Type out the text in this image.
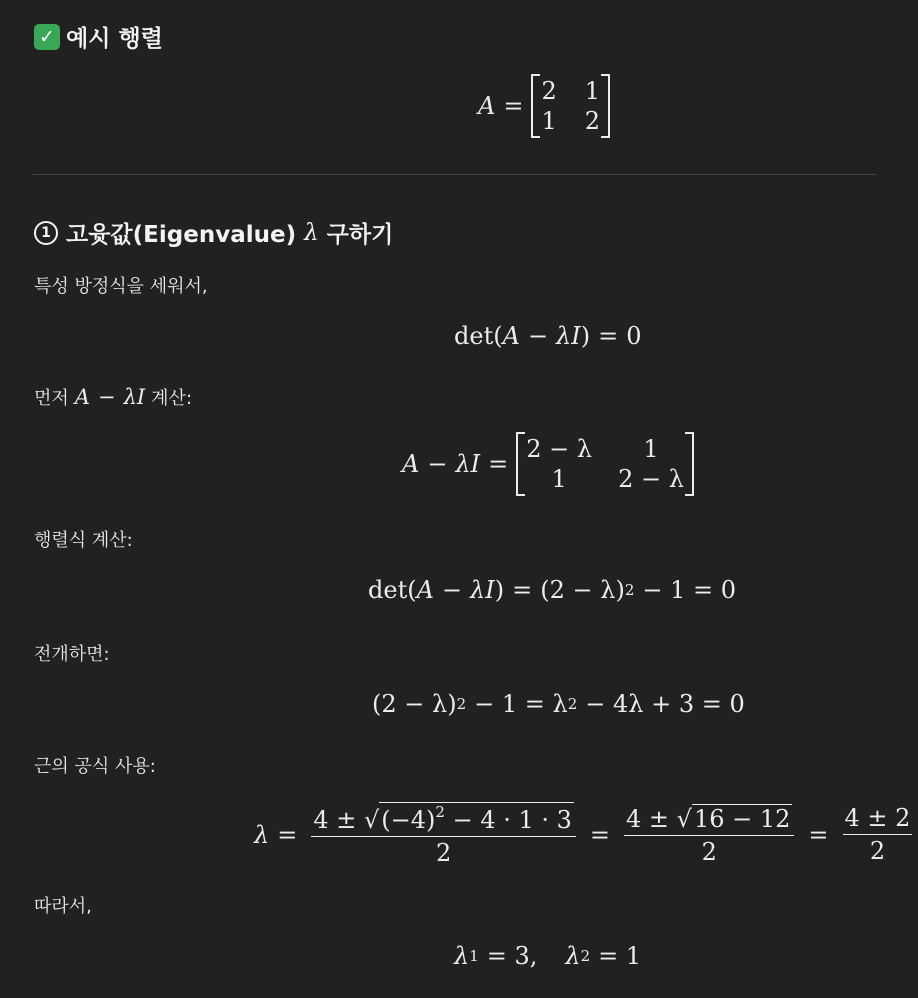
✓ 예시 행렬
A =
2 1
1 2
1 고윳값(Eigenvalue) λ 구하기
특성 방정식을 세워서,
det ( A − λ I ) = 0
먼저 A − λI 계산:
A − λ I =
2 − λ	1
1	2 − λ
행렬식 계산:
det ( A − λ I ) = (2 − λ) 2 − 1 = 0
전개하면:
(2 − λ) 2 − 1 = λ 2 − 4λ + 3 = 0
근의 공식 사용:
$\lambda = \frac{4 \pm √ (-4)^2 - 4 \cdot 1 \cdot 3}{2} = \frac{4 \pm √ 16 - 12}{2} = \frac{4 \pm 2}{2}$
따라서,
λ 1 = 3, λ 2 = 1
